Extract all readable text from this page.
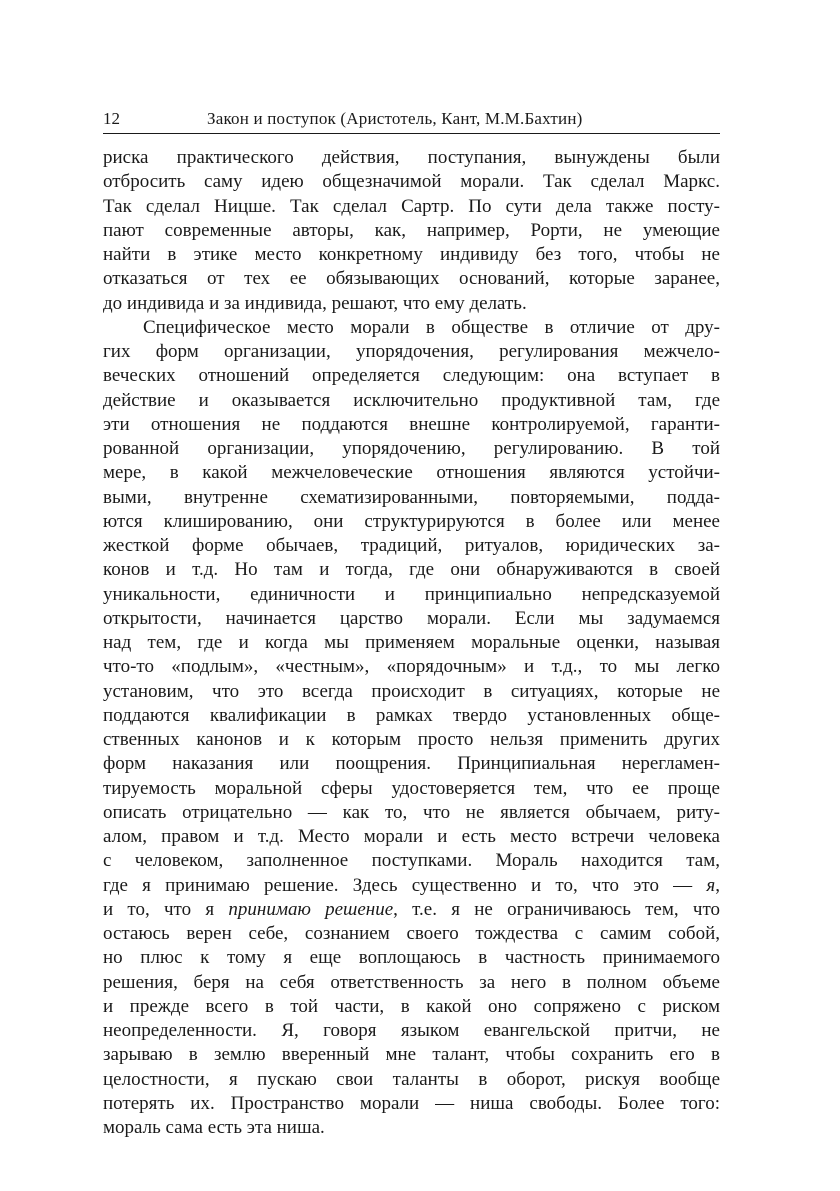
12	Закон и поступок (Аристотель, Кант, М.М.Бахтин)
риска практического действия, поступания, вынуждены были
отбросить саму идею общезначимой морали. Так сделал Маркс.
Так сделал Ницше. Так сделал Сартр. По сути дела также посту-
пают современные авторы, как, например, Рорти, не умеющие
найти в этике место конкретному индивиду без того, чтобы не
отказаться от тех ее обязывающих оснований, которые заранее,
до индивида и за индивида, решают, что ему делать.
Специфическое место морали в обществе в отличие от дру-
гих форм организации, упорядочения, регулирования межчело-
веческих отношений определяется следующим: она вступает в
действие и оказывается исключительно продуктивной там, где
эти отношения не поддаются внешне контролируемой, гаранти-
рованной организации, упорядочению, регулированию. В той
мере, в какой межчеловеческие отношения являются устойчи-
выми, внутренне схематизированными, повторяемыми, подда-
ются клишированию, они структурируются в более или менее
жесткой форме обычаев, традиций, ритуалов, юридических за-
конов и т.д. Но там и тогда, где они обнаруживаются в своей
уникальности, единичности и принципиально непредсказуемой
открытости, начинается царство морали. Если мы задумаемся
над тем, где и когда мы применяем моральные оценки, называя
что-то «подлым», «честным», «порядочным» и т.д., то мы легко
установим, что это всегда происходит в ситуациях, которые не
поддаются квалификации в рамках твердо установленных обще-
ственных канонов и к которым просто нельзя применить других
форм наказания или поощрения. Принципиальная нерегламен-
тируемость моральной сферы удостоверяется тем, что ее проще
описать отрицательно — как то, что не является обычаем, риту-
алом, правом и т.д. Место морали и есть место встречи человека
с человеком, заполненное поступками. Мораль находится там,
где я принимаю решение. Здесь существенно и то, что это — я,
и то, что я принимаю решение, т.е. я не ограничиваюсь тем, что
остаюсь верен себе, сознанием своего тождества с самим собой,
но плюс к тому я еще воплощаюсь в частность принимаемого
решения, беря на себя ответственность за него в полном объеме
и прежде всего в той части, в какой оно сопряжено с риском
неопределенности. Я, говоря языком евангельской притчи, не
зарываю в землю вверенный мне талант, чтобы сохранить его в
целостности, я пускаю свои таланты в оборот, рискуя вообще
потерять их. Пространство морали — ниша свободы. Более того:
мораль сама есть эта ниша.
